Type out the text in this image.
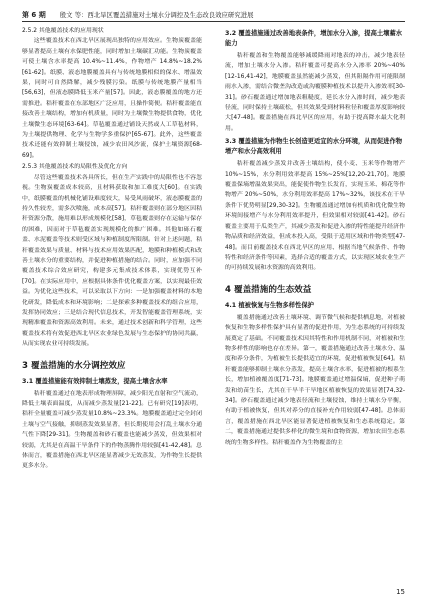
第 6 期 殷文 等：西北旱区覆盖措施对土壤水分调控及生态改良效应研究进展
2.5.2 其他覆盖技术的应用现状

这些覆盖技术在西北旱区展现出独特的应用效应。生物炭覆盖能够显著提高土壤有水保肥性能，同时增加土壤碳汇功能。生物炭覆盖可使土壤含水率提高 10.4%~11.4%，作物增产 14.8%~18.2%[61-62]。纸膜、液态地膜覆盖具有与传统地膜相似的保水、增温效果，同时可自然降解，减少残膜污染。纸膜与传统地膜产量相当[56,63]，但液态膜降低玉米产量[57]。因此，液态膜覆盖的地方还需推进。秸秆覆盖在东部地区广泛应用，且操作简便。秸秆覆盖能直接改善土壤结构，增加有机质量，同时为土壤微生物提供食物，优化土壤微生态环境[63-64]。草毡覆盖通过铺设天然或人工草毡材料，为土壤提供物理、化学与生物学多重保护[65-67]。此外，这些覆盖技术还能有效抑制土壤侵蚀，减少农田风沙流，保护土壤资源[68-69]。

2.5.3 其他覆盖技术的局限性及优化方向

尽管这些覆盖技术各具所长，但在生产实践中的局限性也不容忽视。生物炭覆盖成本较高，且材料获取和加工难度大[60]。在实践中，纸膜覆盖的机械化铺设难度较大，易受风雨破坏，液态膜覆盖的持久性较差，需多次喷施，成本高[57]。秸秆覆盖则在部分地区因秸秆资源分散，施用难以形成规模化[58]，草毡覆盖则存在运输与保存的困难，因而对于草毡覆盖实现规模化的推广困难。其他如砾石覆盖、水泥覆盖等技术则受区域与种植制度所限制。针对上述问题，秸秆覆盖效果与质量、材料与技术应用效果匹配，地膜和种植模式和改善土壤水分的重要结构，并促进种植措施的结合。同时，应加强不同覆盖技术综合效应研究，构建多元集成技术体系，实现优势互补[70]。在实际应用中，应根据具体条件优化覆盖方案，以实现最佳效益。为优化这些技术，可以采取以下方向：一是加强覆盖材料的本地化研发，降低成本和环境影响；二是探索多种覆盖技术的组合应用，发挥协同效应；三是结合现代信息技术，开发智能覆盖管理系统，实现精准覆盖和资源高效利用。未来，通过技术创新和科学管理，这些覆盖技术将有效促进西北旱区农业绿色发展与生态保护的协同共赢，从而实现农业可持续发展。

3 覆盖措施的水分调控效应
3.1 覆盖措施能有效抑制土壤蒸发，提高土壤含水率

秸秆覆盖通过在地表形成物理屏障，减少阳光直射和空气流动，降低土壤表面温度，从而减少蒸发量[21-22]。已有研究[19]表明，秸秆全量覆盖可减少蒸发量10.8%~23.3%。地膜覆盖通过完全封闭土壤与空气接触，抑制蒸发效果显著，但长期使用会打乱土壤水分通气性下降[29-31]。生物覆盖和砂石覆盖也能减少蒸发，但效果相对较弱，尤其是在高温干旱条件下的作物蒸腾作用较强[41-42,48]。总体而言，覆盖措施在西北旱区能显著减少无效蒸发，为作物生长提供更多水分。

3.2 覆盖措施通过改善地表条件，增加水分入渗，提高土壤蓄水能力

秸秆覆盖和生物覆盖能够减缓降雨对地表的冲击，减少地表径流，增加土壤水分入渗。秸秆覆盖可提高水分入渗率 20%~40%[12-16,41-42]，地膜覆盖虽然能减少蒸发，但其阻隔作用可能限制雨水入渗，需结合微垄沟改造或沟覆膜种植技术以提升入渗效率[30-31]。砂石覆盖通过增加地表粗糙度，延长水分入渗时间，减少地表径流，同时保持土壤疏松，但其效果受到材料粒径和覆盖厚度影响较大[47-48]。覆盖措施在西北旱区的应用，有助于提高降水最大化利用。

3.3 覆盖措施为作物生长创造更适宜的水分环境，从而促进作物增产和水分高效利用

秸秆覆盖减少蒸发并改善土壤结构，使小麦、玉米等作物增产 10%~15%，水分利用效率提高 15%~25%[12,20-21,70]。地膜覆盖保墒增温效果突出，能促使作物生长发育，实现玉米、棉花等作物增产 20%~50%，水分利用效率提高 17%~32%，该技术在干旱条件下优势明显[29,30-32]。生物覆盖通过增加有机质和优化微生物环境间接增产与水分利用效率提升，但效果相对较弱[41-42]。砂石覆盖主要用于瓜类生产，其减少蒸发和促进入渗的特性能提升经济作物品质和经济效益，但成本投入高，受限于适用区域和作物类型[47-48]。而目前覆盖技术在西北旱区的应用、根据当地气候条件、作物特性和经济条件等因素，选择合适的覆盖方式，以实现区域农业生产的可持续发展和水资源的高效利用。

4 覆盖措施的生态效益
4.1 植被恢复与生物多样性保护

覆盖措施通过改善土壤环境、调节微气候和提供栖息地，对植被恢复和生物多样性保护具有显著的促进作用，为生态系统的可持续发展奠定了基础。不同覆盖技术因其特性和作用机制不同，对植被和生物多样性的影响也存在差异。第一，覆盖措施通过改善土壤水分、温度和养分条件，为植被生长提供适宜的环境，促进植被恢复[64]。秸秆覆盖能够抑制土壤水分蒸发，提高土壤含水率，促进植被的根系生长，增加植被覆盖度[71-73]。地膜覆盖通过增温保墒，促进种子萌发和幼苗生长，尤其在干旱半干旱地区植被恢复的效果显著[74,32-34]。砂石覆盖通过减少地表径流和土壤侵蚀，维持土壤水分平衡，有助于植被恢复，但其对养分的直接补充作用较弱[47-48]。总体而言，覆盖措施在西北旱区能显著促进植被恢复和生态系统稳定。第二，覆盖措施通过提供多样化的微生境和食物资源，增加农田生态系统的生物多样性。秸秆覆盖作为生物覆盖的主

15
